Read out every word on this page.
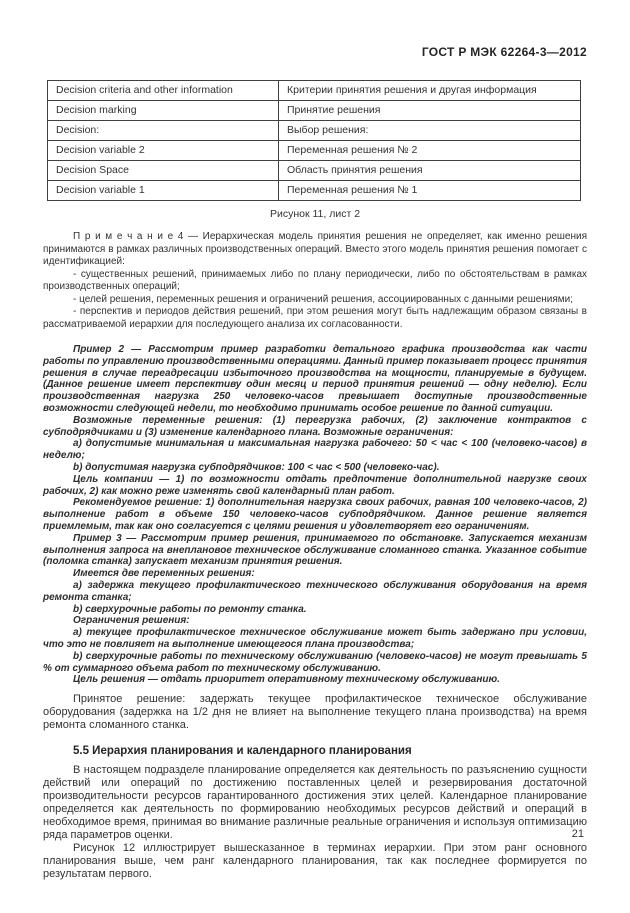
ГОСТ Р МЭК 62264-3—2012
Decision criteria and other information	Критерии принятия решения и другая информация
Decision marking	Принятие решения
Decision:	Выбор решения:
Decision variable 2	Переменная решения № 2
Decision Space	Область принятия решения
Decision variable 1	Переменная решения № 1
Рисунок 11, лист 2

П р и м е ч а н и е 4 — Иерархическая модель принятия решения не определяет, как именно решения принимаются в рамках различных производственных операций. Вместо этого модель принятия решения помогает с идентификацией:

- существенных решений, принимаемых либо по плану периодически, либо по обстоятельствам в рамках производственных операций;

- целей решения, переменных решения и ограничений решения, ассоциированных с данными решениями;

- перспектив и периодов действия решений, при этом решения могут быть надлежащим образом связаны в рассматриваемой иерархии для последующего анализа их согласованности.

Пример 2 — Рассмотрим пример разработки детального графика производства как части работы по управлению производственными операциями. Данный пример показывает процесс принятия решения в случае переадресации избыточного производства на мощности, планируемые в будущем. (Данное решение имеет перспективу один месяц и период принятия решений — одну неделю). Если производственная нагрузка 250 человеко-часов превышает доступные производственные возможности следующей недели, то необходимо принимать особое решение по данной ситуации.

Возможные переменные решения: (1) перегрузка рабочих, (2) заключение контрактов с субподрядчиками и (3) изменение календарного плана. Возможные ограничения:

а) допустимые минимальная и максимальная нагрузка рабочего: 50 < час < 100 (человеко-часов) в неделю;

b) допустимая нагрузка субподрядчиков: 100 < час < 500 (человеко-час).

Цель компании — 1) по возможности отдать предпочтение дополнительной нагрузке своих рабочих, 2) как можно реже изменять свой календарный план работ.

Рекомендуемое решение: 1) дополнительная нагрузка своих рабочих, равная 100 человеко-часов, 2) выполнение работ в объеме 150 человеко-часов субподрядчиком. Данное решение является приемлемым, так как оно согласуется с целями решения и удовлетворяет его ограничениям.

Пример 3 — Рассмотрим пример решения, принимаемого по обстановке. Запускается механизм выполнения запроса на внеплановое техническое обслуживание сломанного станка. Указанное событие (поломка станка) запускает механизм принятия решения.

Имеется две переменных решения:

а) задержка текущего профилактического технического обслуживания оборудования на время ремонта станка;

b) сверхурочные работы по ремонту станка.

Ограничения решения:

а) текущее профилактическое техническое обслуживание может быть задержано при условии, что это не повлияет на выполнение имеющегося плана производства;

b) сверхурочные работы по техническому обслуживанию (человеко-часов) не могут превышать 5 % от суммарного объема работ по техническому обслуживанию.

Цель решения — отдать приоритет оперативному техническому обслуживанию.

Принятое решение: задержать текущее профилактическое техническое обслуживание оборудования (задержка на 1/2 дня не влияет на выполнение текущего плана производства) на время ремонта сломанного станка.

5.5 Иерархия планирования и календарного планирования

В настоящем подразделе планирование определяется как деятельность по разъяснению сущности действий или операций по достижению поставленных целей и резервирования достаточной производительности ресурсов гарантированного достижения этих целей. Календарное планирование определяется как деятельность по формированию необходимых ресурсов действий и операций в необходимое время, принимая во внимание различные реальные ограничения и используя оптимизацию ряда параметров оценки.

Рисунок 12 иллюстрирует вышесказанное в терминах иерархии. При этом ранг основного планирования выше, чем ранг календарного планирования, так как последнее формируется по результатам первого.

21
